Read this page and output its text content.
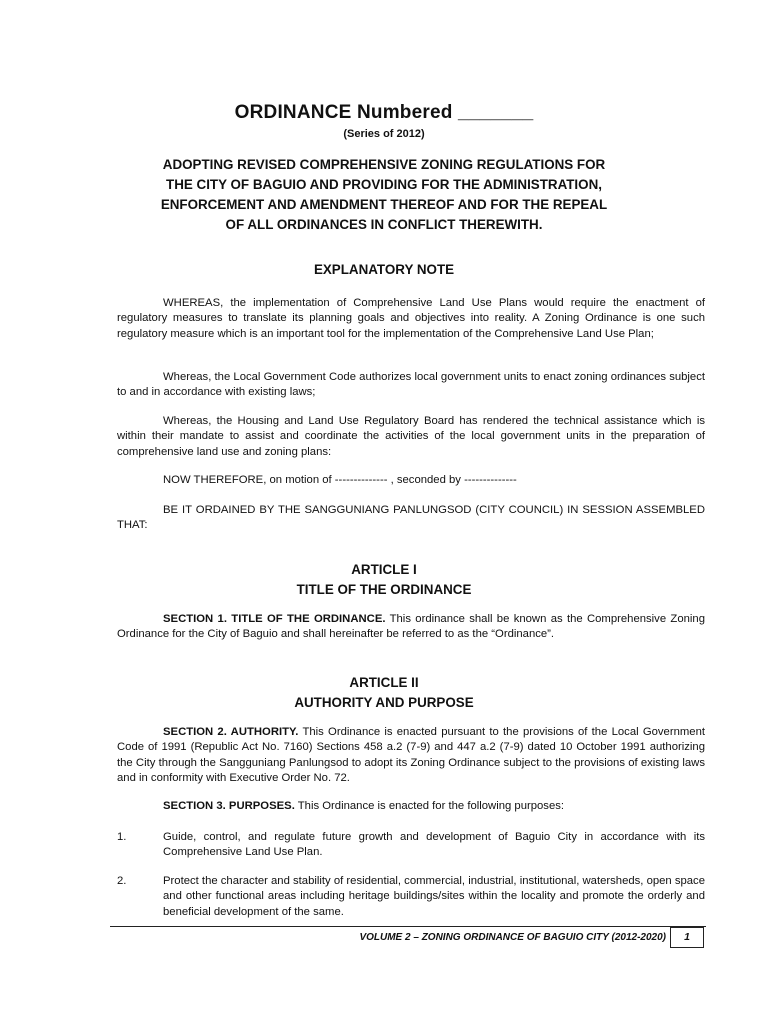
ORDINANCE Numbered _______

(Series of 2012)

ADOPTING REVISED COMPREHENSIVE ZONING REGULATIONS FOR THE CITY OF BAGUIO AND PROVIDING FOR THE ADMINISTRATION, ENFORCEMENT AND AMENDMENT THEREOF AND FOR THE REPEAL OF ALL ORDINANCES IN CONFLICT THEREWITH.

EXPLANATORY NOTE

WHEREAS, the implementation of Comprehensive Land Use Plans would require the enactment of regulatory measures to translate its planning goals and objectives into reality. A Zoning Ordinance is one such regulatory measure which is an important tool for the implementation of the Comprehensive Land Use Plan;

Whereas, the Local Government Code authorizes local government units to enact zoning ordinances subject to and in accordance with existing laws;

Whereas, the Housing and Land Use Regulatory Board has rendered the technical assistance which is within their mandate to assist and coordinate the activities of the local government units in the preparation of comprehensive land use and zoning plans:

NOW THEREFORE, on motion of -------------- , seconded by --------------

BE IT ORDAINED BY THE SANGGUNIANG PANLUNGSOD (CITY COUNCIL) IN SESSION ASSEMBLED THAT:

ARTICLE I
TITLE OF THE ORDINANCE

SECTION 1. TITLE OF THE ORDINANCE. This ordinance shall be known as the Comprehensive Zoning Ordinance for the City of Baguio and shall hereinafter be referred to as the “Ordinance”.

ARTICLE II
AUTHORITY AND PURPOSE

SECTION 2. AUTHORITY. This Ordinance is enacted pursuant to the provisions of the Local Government Code of 1991 (Republic Act No. 7160) Sections 458 a.2 (7-9) and 447 a.2 (7-9) dated 10 October 1991 authorizing the City through the Sangguniang Panlungsod to adopt its Zoning Ordinance subject to the provisions of existing laws and in conformity with Executive Order No. 72.

SECTION 3. PURPOSES. This Ordinance is enacted for the following purposes:

1.	Guide, control, and regulate future growth and development of Baguio City in accordance with its Comprehensive Land Use Plan.

2.	Protect the character and stability of residential, commercial, industrial, institutional, watersheds, open space and other functional areas including heritage buildings/sites within the locality and promote the orderly and beneficial development of the same.

VOLUME 2 – ZONING ORDINANCE OF BAGUIO CITY (2012-2020)	1
